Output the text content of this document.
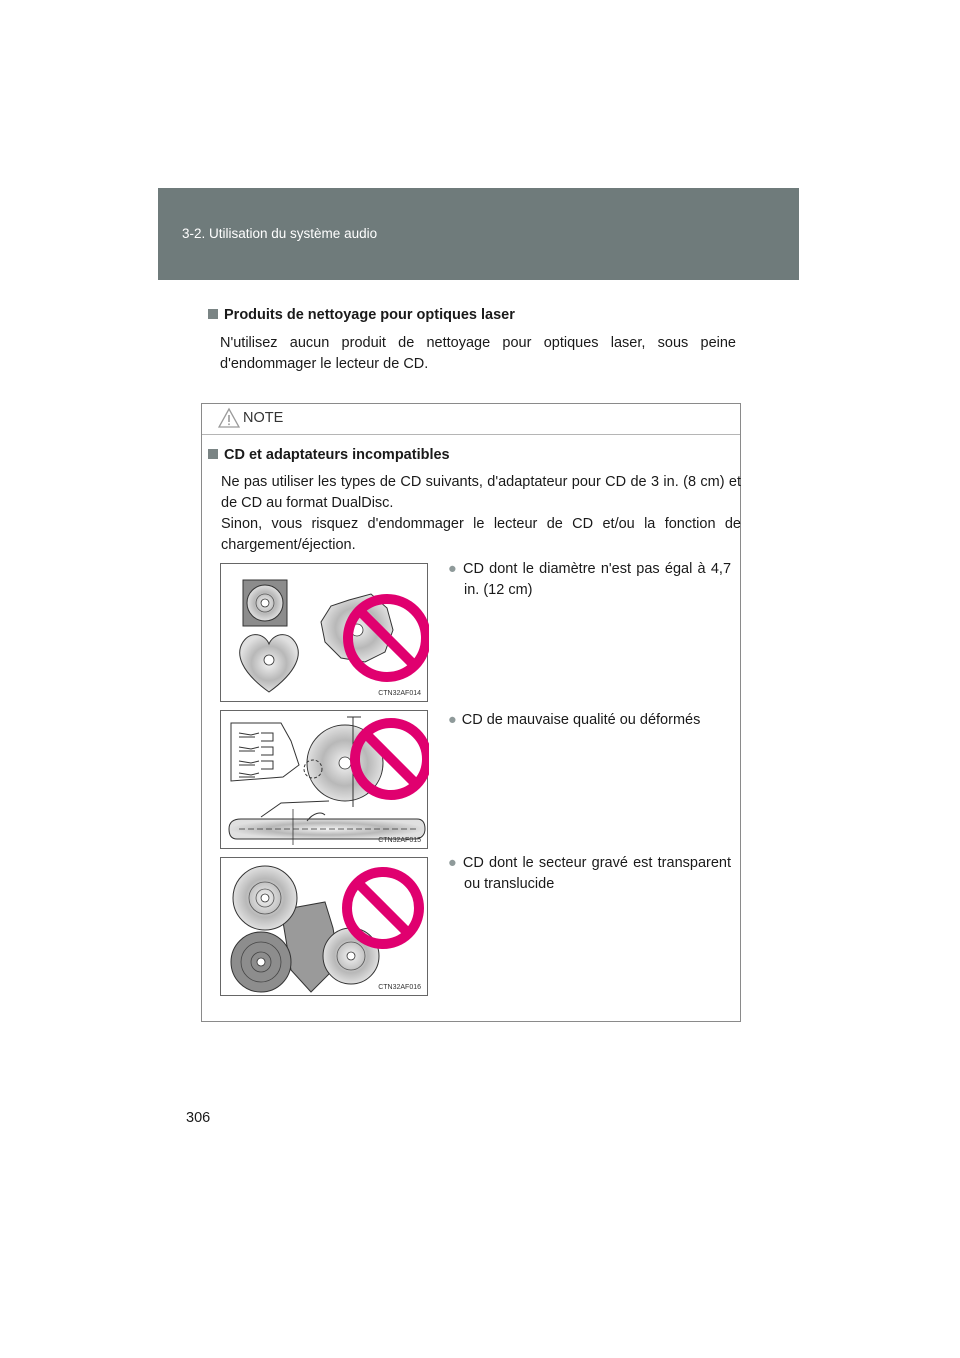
3-2. Utilisation du système audio
Produits de nettoyage pour optiques laser
N'utilisez aucun produit de nettoyage pour optiques laser, sous peine d'endommager le lecteur de CD.
NOTE
CD et adaptateurs incompatibles
Ne pas utiliser les types de CD suivants, d'adaptateur pour CD de 3 in. (8 cm) et de CD au format DualDisc.
Sinon, vous risquez d'endommager le lecteur de CD et/ou la fonction de chargement/éjection.
CTN32AF014
● CD dont le diamètre n'est pas égal à 4,7 in. (12 cm)
CTN32AF015
● CD de mauvaise qualité ou déformés
CTN32AF016
● CD dont le secteur gravé est transparent ou translucide
306
